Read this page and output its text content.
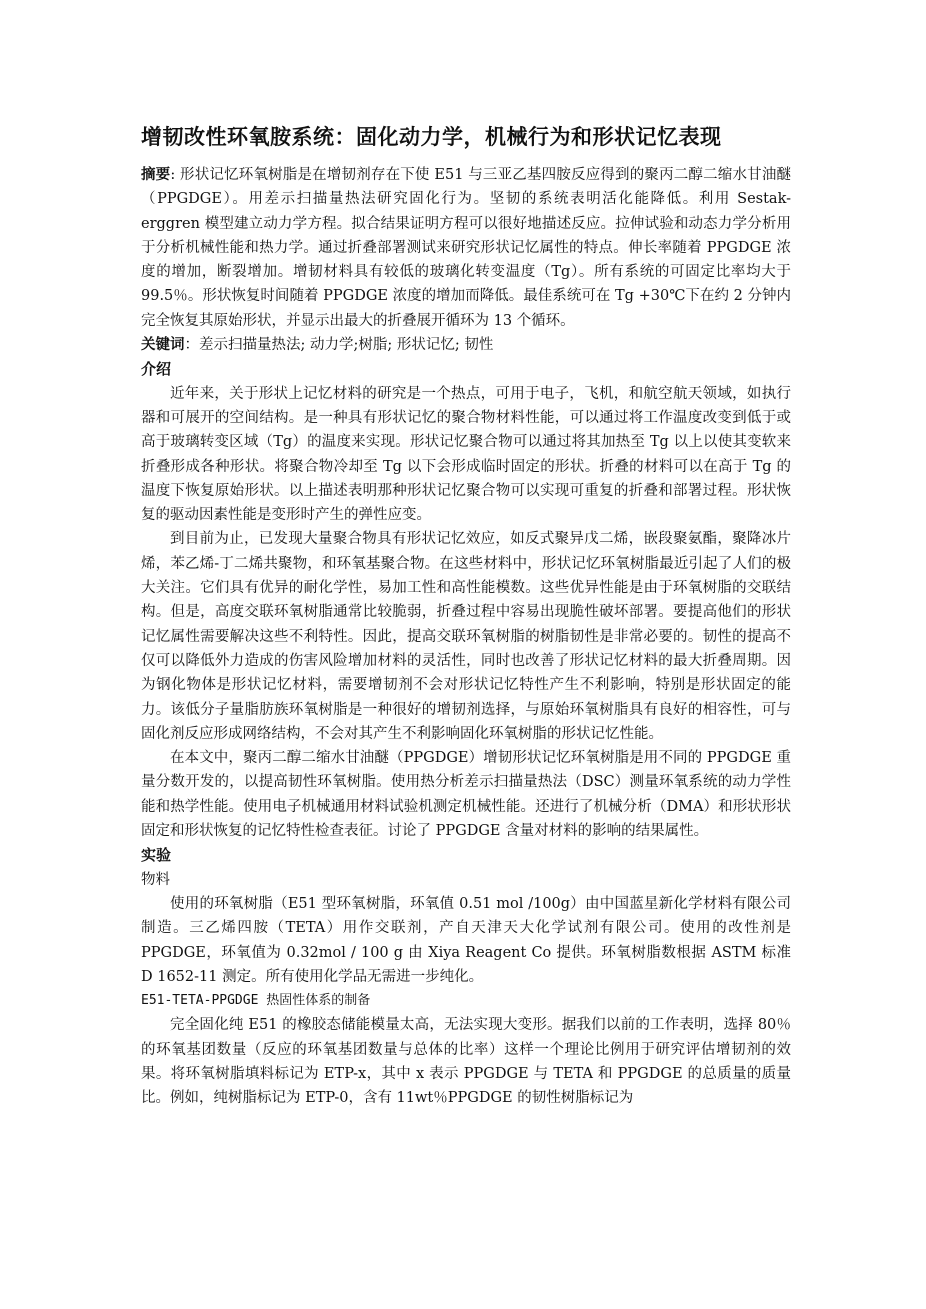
增韧改性环氧胺系统：固化动力学，机械行为和形状记忆表现

摘要: 形状记忆环氧树脂是在增韧剂存在下使 E51 与三亚乙基四胺反应得到的聚丙二醇二缩水甘油醚（PPGDGE）。用差示扫描量热法研究固化行为。坚韧的系统表明活化能降低。利用 Sestak-erggren 模型建立动力学方程。拟合结果证明方程可以很好地描述反应。拉伸试验和动态力学分析用于分析机械性能和热力学。通过折叠部署测试来研究形状记忆属性的特点。伸长率随着 PPGDGE 浓度的增加，断裂增加。增韧材料具有较低的玻璃化转变温度（Tg）。所有系统的可固定比率均大于 99.5％。形状恢复时间随着 PPGDGE 浓度的增加而降低。最佳系统可在 Tg +30℃下在约 2 分钟内完全恢复其原始形状，并显示出最大的折叠展开循环为 13 个循环。

关键词：差示扫描量热法; 动力学;树脂; 形状记忆; 韧性

介绍

近年来，关于形状上记忆材料的研究是一个热点，可用于电子，飞机，和航空航天领域，如执行器和可展开的空间结构。是一种具有形状记忆的聚合物材料性能，可以通过将工作温度改变到低于或高于玻璃转变区域（Tg）的温度来实现。形状记忆聚合物可以通过将其加热至 Tg 以上以使其变软来折叠形成各种形状。将聚合物冷却至 Tg 以下会形成临时固定的形状。折叠的材料可以在高于 Tg 的温度下恢复原始形状。以上描述表明那种形状记忆聚合物可以实现可重复的折叠和部署过程。形状恢复的驱动因素性能是变形时产生的弹性应变。

到目前为止，已发现大量聚合物具有形状记忆效应，如反式聚异戊二烯，嵌段聚氨酯，聚降冰片烯，苯乙烯-丁二烯共聚物，和环氧基聚合物。在这些材料中，形状记忆环氧树脂最近引起了人们的极大关注。它们具有优异的耐化学性，易加工性和高性能模数。这些优异性能是由于环氧树脂的交联结构。但是，高度交联环氧树脂通常比较脆弱，折叠过程中容易出现脆性破坏部署。要提高他们的形状记忆属性需要解决这些不利特性。因此，提高交联环氧树脂的树脂韧性是非常必要的。韧性的提高不仅可以降低外力造成的伤害风险增加材料的灵活性，同时也改善了形状记忆材料的最大折叠周期。因为钢化物体是形状记忆材料，需要增韧剂不会对形状记忆特性产生不利影响，特别是形状固定的能力。该低分子量脂肪族环氧树脂是一种很好的增韧剂选择，与原始环氧树脂具有良好的相容性，可与固化剂反应形成网络结构，不会对其产生不利影响固化环氧树脂的形状记忆性能。

在本文中，聚丙二醇二缩水甘油醚（PPGDGE）增韧形状记忆环氧树脂是用不同的 PPGDGE 重量分数开发的，以提高韧性环氧树脂。使用热分析差示扫描量热法（DSC）测量环氧系统的动力学性能和热学性能。使用电子机械通用材料试验机测定机械性能。还进行了机械分析（DMA）和形状形状固定和形状恢复的记忆特性检查表征。讨论了 PPGDGE 含量对材料的影响的结果属性。

实验
物料

使用的环氧树脂（E51 型环氧树脂，环氧值 0.51 mol /100g）由中国蓝星新化学材料有限公司制造。三乙烯四胺（TETA）用作交联剂，产自天津天大化学试剂有限公司。使用的改性剂是 PPGDGE，环氧值为 0.32mol / 100 g 由 Xiya Reagent Co 提供。环氧树脂数根据 ASTM 标准 D 1652-11 测定。所有使用化学品无需进一步纯化。

E51-TETA-PPGDGE 热固性体系的制备

完全固化纯 E51 的橡胶态储能模量太高，无法实现大变形。据我们以前的工作表明，选择 80％的环氧基团数量（反应的环氧基团数量与总体的比率）这样一个理论比例用于研究评估增韧剂的效果。将环氧树脂填料标记为 ETP-x，其中 x 表示 PPGDGE 与 TETA 和 PPGDGE 的总质量的质量比。例如，纯树脂标记为 ETP-0，含有 11wt％PPGDGE 的韧性树脂标记为
